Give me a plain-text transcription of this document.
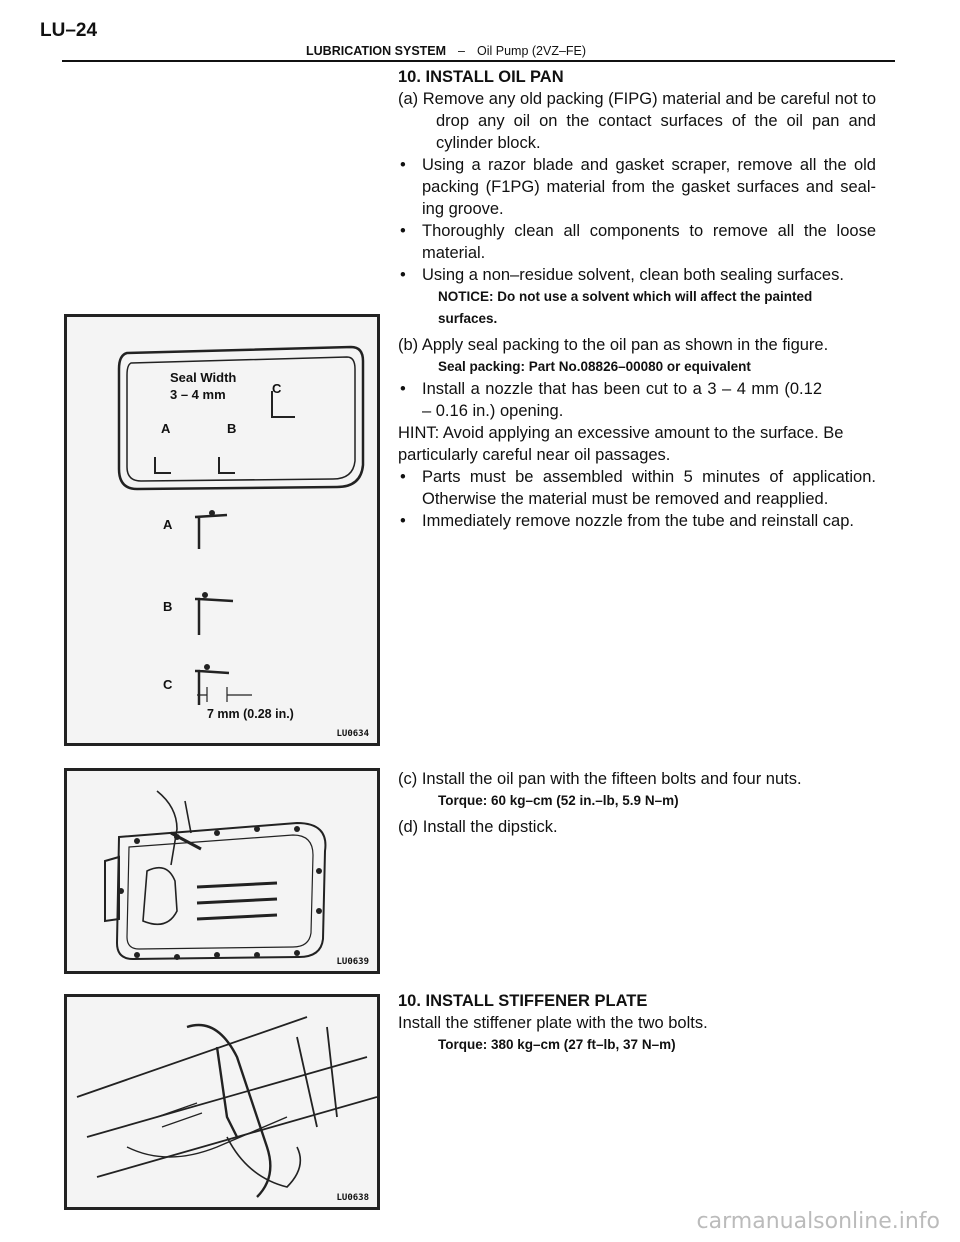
LU–24
LUBRICATION SYSTEM – Oil Pump (2VZ–FE)
Seal Width
3 – 4 mm	C
A	B
A
B
C
7 mm (0.28 in.)
LU0634
LU0639
LU0638
10. INSTALL OIL PAN
(a) Remove any old packing (FIPG) material and be careful not to drop any oil on the contact surfaces of the oil pan and cylinder block.
• Using a razor blade and gasket scraper, remove all the old packing (F1PG) material from the gasket surfaces and seal-ing groove.
• Thoroughly clean all components to remove all the loose material.
• Using a non–residue solvent, clean both sealing surfaces.
NOTICE: Do not use a solvent which will affect the painted surfaces.
(b) Apply seal packing to the oil pan as shown in the figure.
Seal packing: Part No.08826–00080 or equivalent
• Install a nozzle that has been cut to a 3 – 4 mm (0.12 – 0.16 in.) opening.
HINT: Avoid applying an excessive amount to the surface. Be particularly careful near oil passages.
• Parts must be assembled within 5 minutes of application. Otherwise the material must be removed and reapplied.
• Immediately remove nozzle from the tube and reinstall cap.
(c) Install the oil pan with the fifteen bolts and four nuts.
Torque: 60 kg–cm (52 in.–lb, 5.9 N–m)
(d) Install the dipstick.
10. INSTALL STIFFENER PLATE
Install the stiffener plate with the two bolts.
Torque: 380 kg–cm (27 ft–lb, 37 N–m)
carmanualsonline.info
